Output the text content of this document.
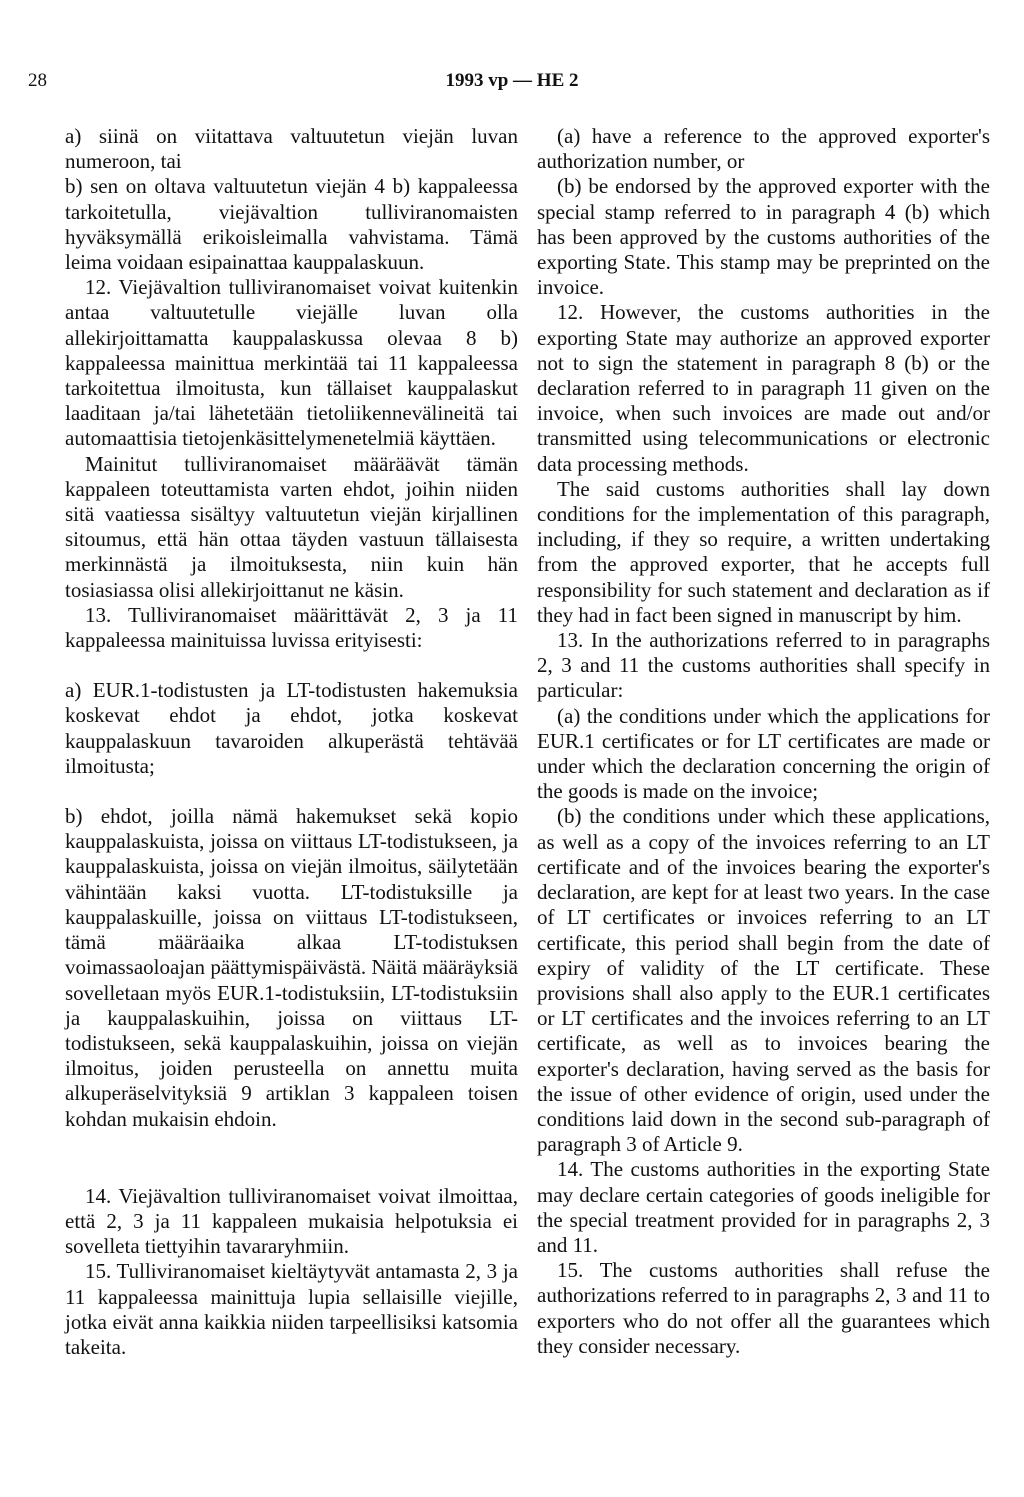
28	1993 vp — HE 2

a) siinä on viitattava valtuutetun viejän luvan numeroon, tai

b) sen on oltava valtuutetun viejän 4 b) kappaleessa tarkoitetulla, viejävaltion tulliviranomaisten hyväksymällä erikoisleimalla vahvistama. Tämä leima voidaan esipainattaa kauppalaskuun.

12. Viejävaltion tulliviranomaiset voivat kuitenkin antaa valtuutetulle viejälle luvan olla allekirjoittamatta kauppalaskussa olevaa 8 b) kappaleessa mainittua merkintää tai 11 kappaleessa tarkoitettua ilmoitusta, kun tällaiset kauppalaskut laaditaan ja/tai lähetetään tietoliikennevälineitä tai automaattisia tietojenkäsittelymenetelmiä käyttäen.

Mainitut tulliviranomaiset määräävät tämän kappaleen toteuttamista varten ehdot, joihin niiden sitä vaatiessa sisältyy valtuutetun viejän kirjallinen sitoumus, että hän ottaa täyden vastuun tällaisesta merkinnästä ja ilmoituksesta, niin kuin hän tosiasiassa olisi allekirjoittanut ne käsin.

13. Tulliviranomaiset määrittävät 2, 3 ja 11 kappaleessa mainituissa luvissa erityisesti:

a) EUR.1-todistusten ja LT-todistusten hakemuksia koskevat ehdot ja ehdot, jotka koskevat kauppalaskuun tavaroiden alkuperästä tehtävää ilmoitusta;

b) ehdot, joilla nämä hakemukset sekä kopio kauppalaskuista, joissa on viittaus LT-todistukseen, ja kauppalaskuista, joissa on viejän ilmoitus, säilytetään vähintään kaksi vuotta. LT-todistuksille ja kauppalaskuille, joissa on viittaus LT-todistukseen, tämä määräaika alkaa LT-todistuksen voimassaoloajan päättymispäivästä. Näitä määräyksiä sovelletaan myös EUR.1-todistuksiin, LT-todistuksiin ja kauppalaskuihin, joissa on viittaus LT-todistukseen, sekä kauppalaskuihin, joissa on viejän ilmoitus, joiden perusteella on annettu muita alkuperäselvityksiä 9 artiklan 3 kappaleen toisen kohdan mukaisin ehdoin.

14. Viejävaltion tulliviranomaiset voivat ilmoittaa, että 2, 3 ja 11 kappaleen mukaisia helpotuksia ei sovelleta tiettyihin tavararyhmiin.

15. Tulliviranomaiset kieltäytyvät antamasta 2, 3 ja 11 kappaleessa mainittuja lupia sellaisille viejille, jotka eivät anna kaikkia niiden tarpeellisiksi katsomia takeita.

(a) have a reference to the approved exporter's authorization number, or

(b) be endorsed by the approved exporter with the special stamp referred to in paragraph 4 (b) which has been approved by the customs authorities of the exporting State. This stamp may be preprinted on the invoice.

12. However, the customs authorities in the exporting State may authorize an approved exporter not to sign the statement in paragraph 8 (b) or the declaration referred to in paragraph 11 given on the invoice, when such invoices are made out and/or transmitted using telecommunications or electronic data processing methods.

The said customs authorities shall lay down conditions for the implementation of this paragraph, including, if they so require, a written undertaking from the approved exporter, that he accepts full responsibility for such statement and declaration as if they had in fact been signed in manuscript by him.

13. In the authorizations referred to in paragraphs 2, 3 and 11 the customs authorities shall specify in particular:

(a) the conditions under which the applications for EUR.1 certificates or for LT certificates are made or under which the declaration concerning the origin of the goods is made on the invoice;

(b) the conditions under which these applications, as well as a copy of the invoices referring to an LT certificate and of the invoices bearing the exporter's declaration, are kept for at least two years. In the case of LT certificates or invoices referring to an LT certificate, this period shall begin from the date of expiry of validity of the LT certificate. These provisions shall also apply to the EUR.1 certificates or LT certificates and the invoices referring to an LT certificate, as well as to invoices bearing the exporter's declaration, having served as the basis for the issue of other evidence of origin, used under the conditions laid down in the second sub-paragraph of paragraph 3 of Article 9.

14. The customs authorities in the exporting State may declare certain categories of goods ineligible for the special treatment provided for in paragraphs 2, 3 and 11.

15. The customs authorities shall refuse the authorizations referred to in paragraphs 2, 3 and 11 to exporters who do not offer all the guarantees which they consider necessary.
